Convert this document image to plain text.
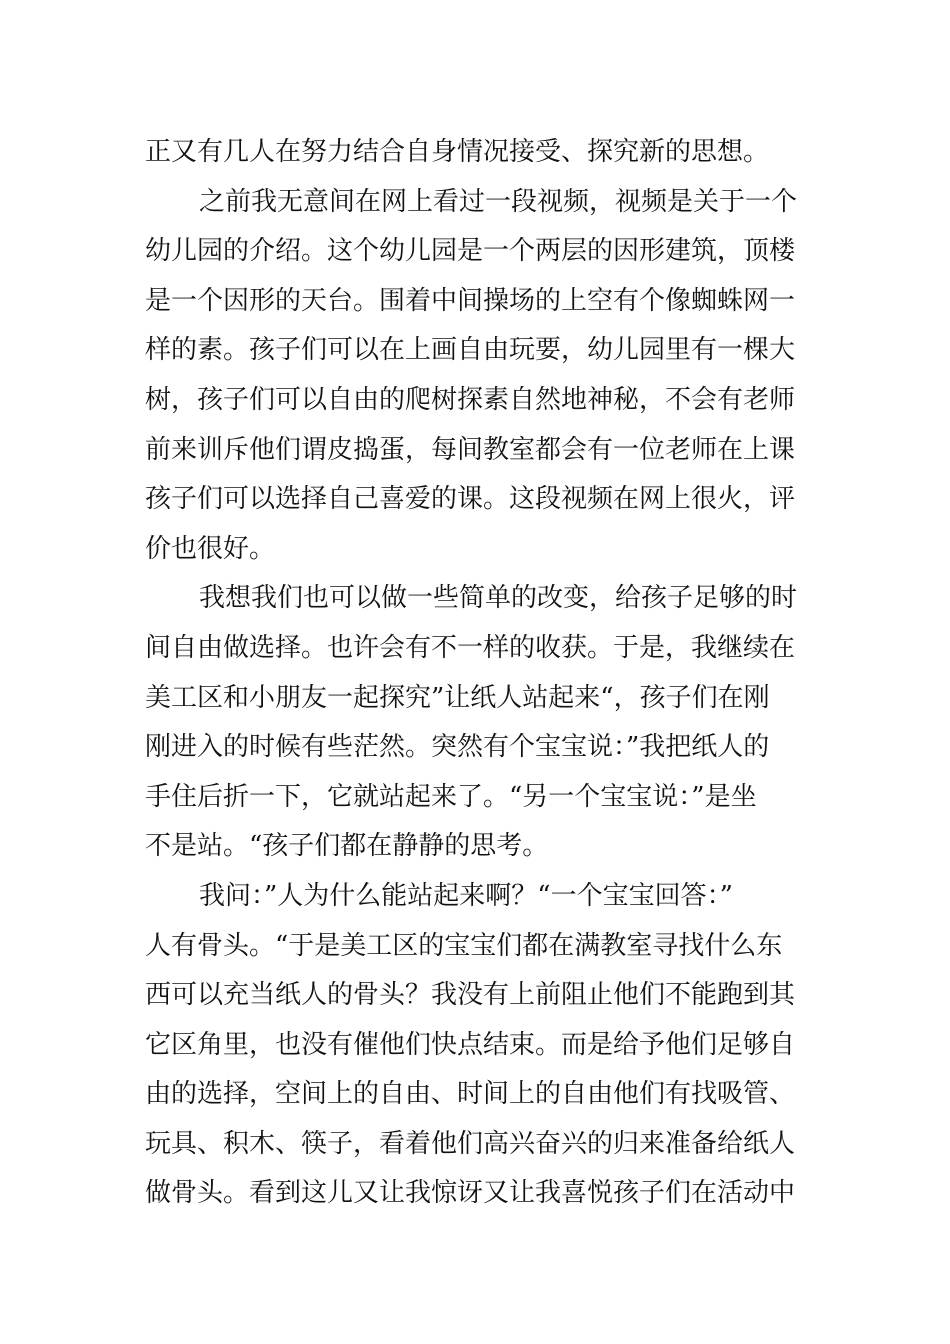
正又有几人在努力结合自身情况接受、探究新的思想。
之前我无意间在网上看过一段视频，视频是关于一个
幼儿园的介绍。这个幼儿园是一个两层的因形建筑，顶楼
是一个因形的天台。围着中间操场的上空有个像蜘蛛网一
样的素。孩子们可以在上画自由玩要，幼儿园里有一棵大
树，孩子们可以自由的爬树探素自然地神秘，不会有老师
前来训斥他们谓皮捣蛋，每间教室都会有一位老师在上课
孩子们可以选择自己喜爱的课。这段视频在网上很火，评
价也很好。
我想我们也可以做一些简单的改变，给孩子足够的时
间自由做选择。也许会有不一样的收获。于是，我继续在
美工区和小朋友一起探究”让纸人站起来“，孩子们在刚
刚进入的时候有些茫然。突然有个宝宝说：”我把纸人的
手住后折一下，它就站起来了。“另一个宝宝说：”是坐
不是站。“孩子们都在静静的思考。
我问：”人为什么能站起来啊？“一个宝宝回答：”
人有骨头。“于是美工区的宝宝们都在满教室寻找什么东
西可以充当纸人的骨头？我没有上前阻止他们不能跑到其
它区角里，也没有催他们快点结束。而是给予他们足够自
由的选择，空间上的自由、时间上的自由他们有找吸管、
玩具、积木、筷子，看着他们高兴奋兴的归来准备给纸人
做骨头。看到这儿又让我惊讶又让我喜悦孩子们在活动中
